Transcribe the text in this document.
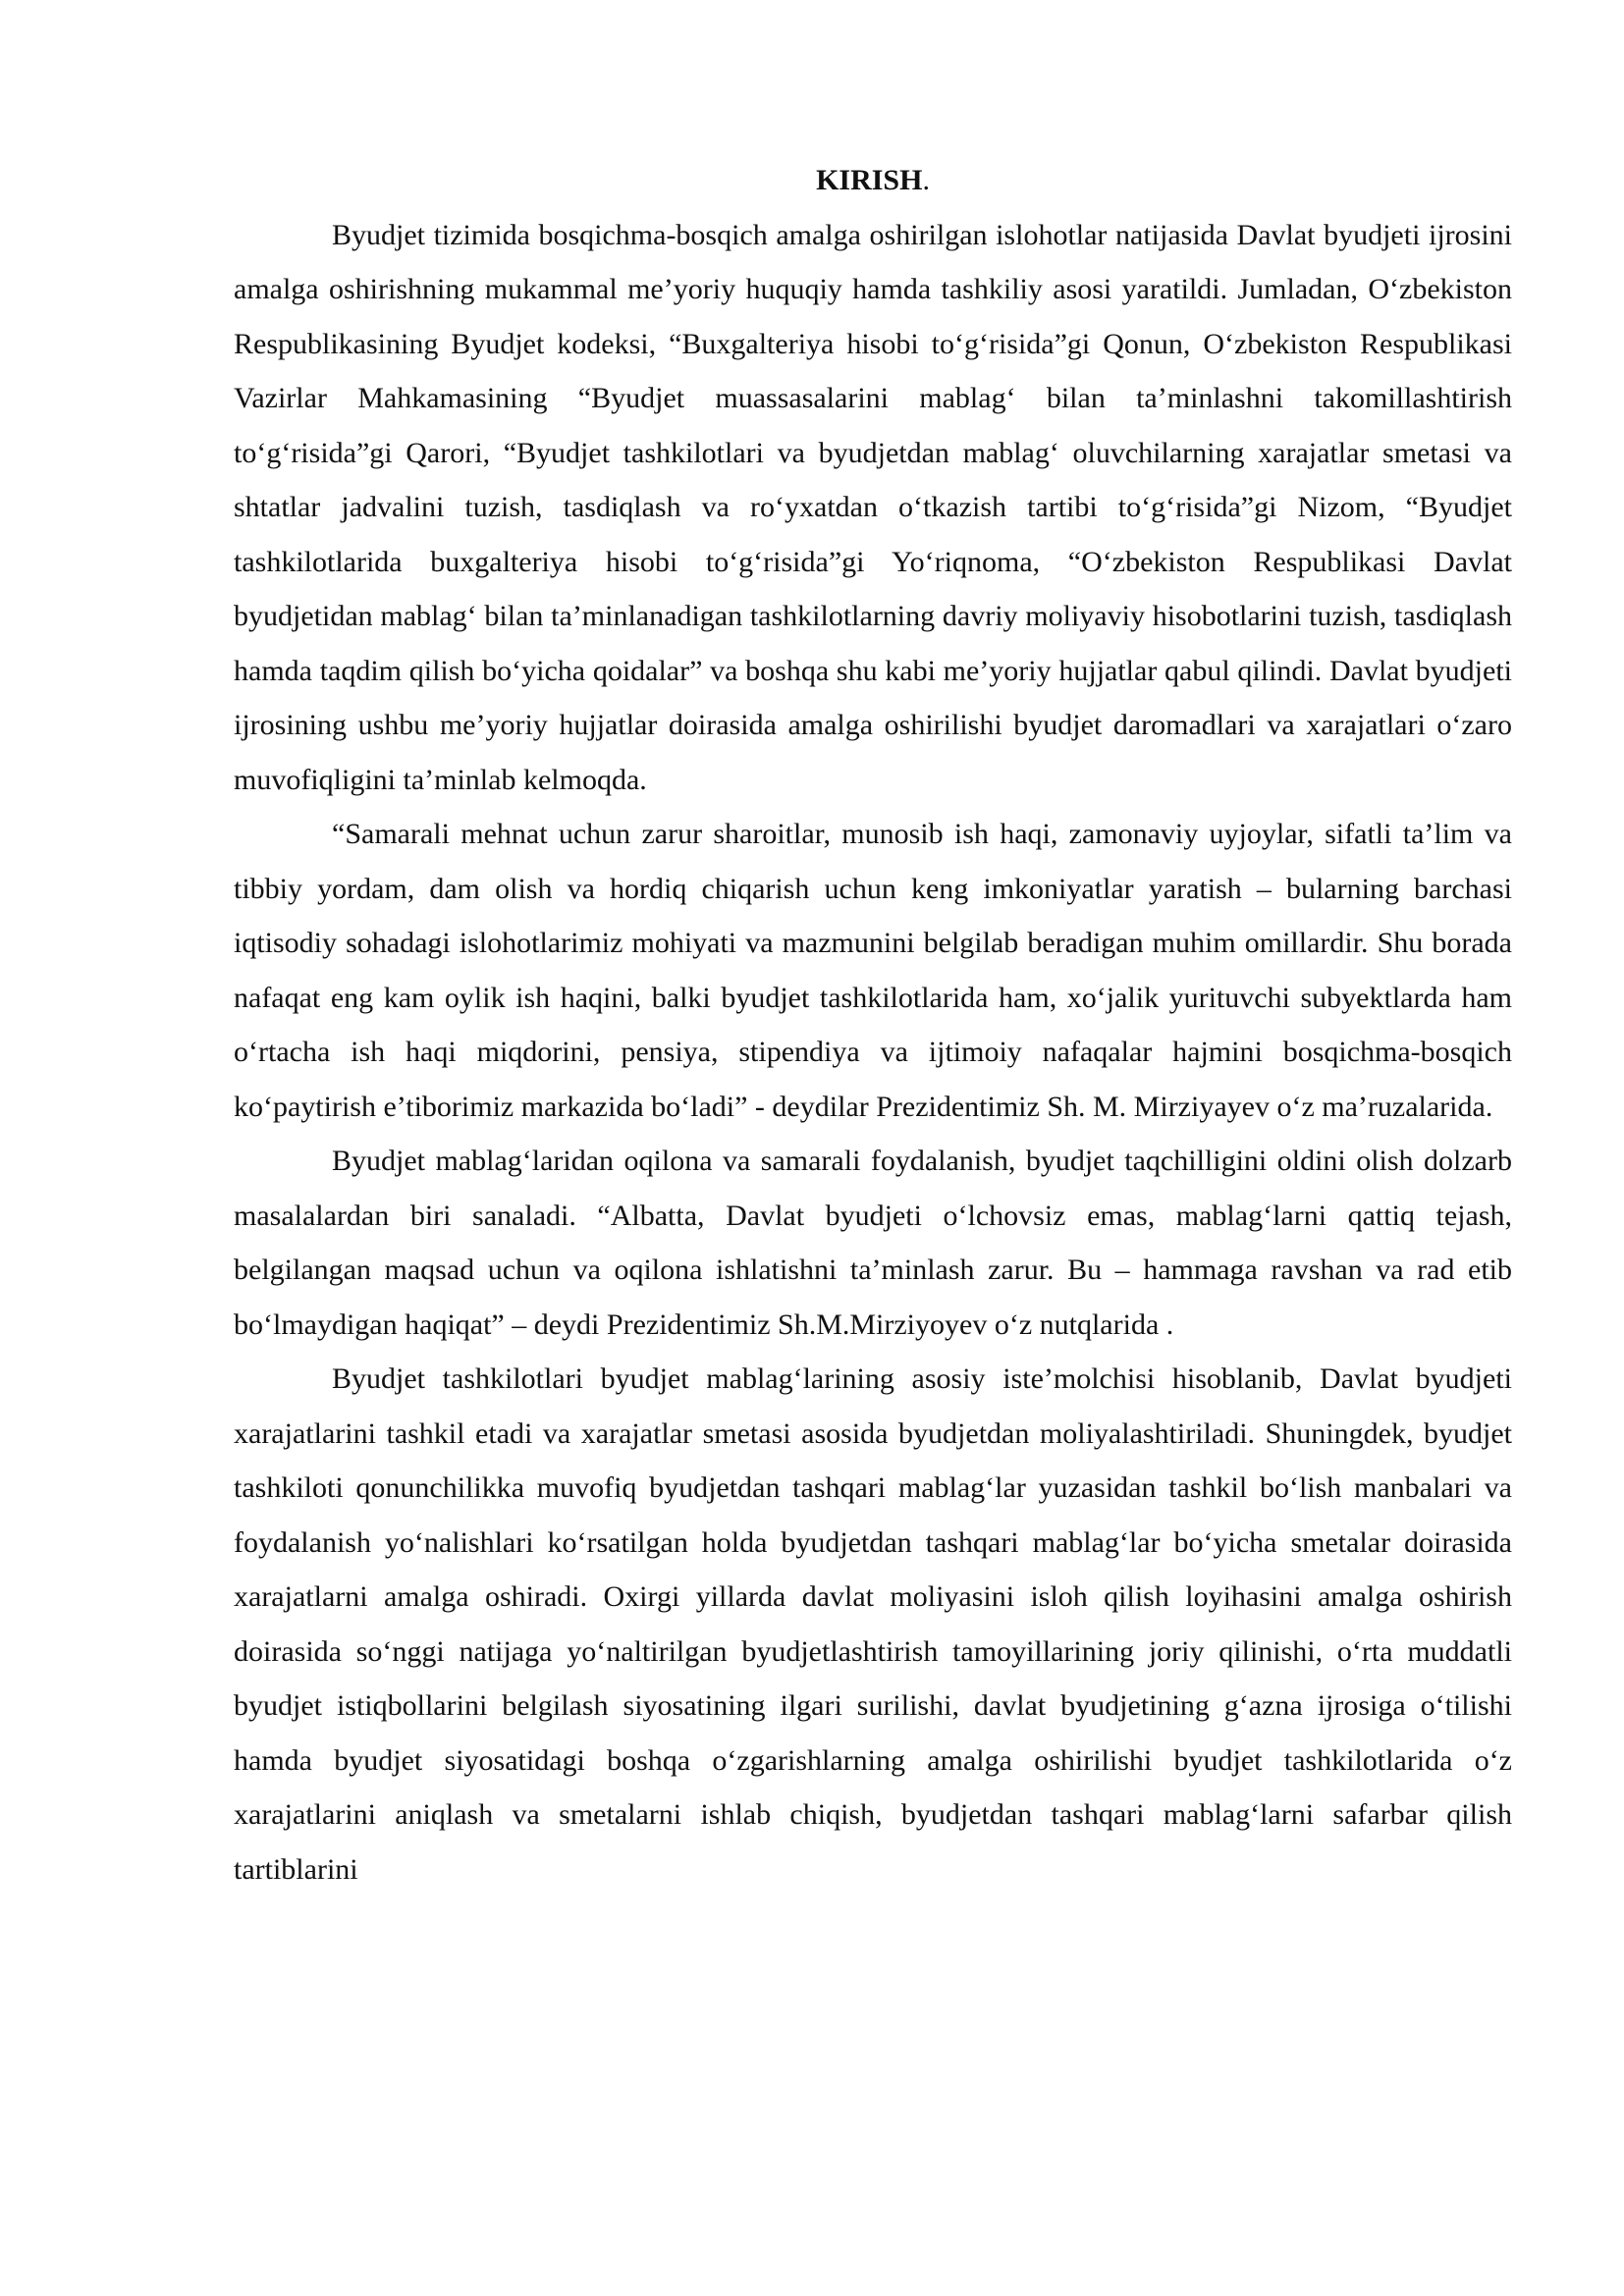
KIRISH.

Byudjet tizimida bosqichma-bosqich amalga oshirilgan islohotlar natijasida Davlat byudjeti ijrosini amalga oshirishning mukammal me’yoriy huquqiy hamda tashkiliy asosi yaratildi. Jumladan, O‘zbekiston Respublikasining Byudjet kodeksi, “Buxgalteriya hisobi to‘g‘risida”gi Qonun, O‘zbekiston Respublikasi Vazirlar Mahkamasining “Byudjet muassasalarini mablag‘ bilan ta’minlashni takomillashtirish to‘g‘risida”gi Qarori, “Byudjet tashkilotlari va byudjetdan mablag‘ oluvchilarning xarajatlar smetasi va shtatlar jadvalini tuzish, tasdiqlash va ro‘yxatdan o‘tkazish tartibi to‘g‘risida”gi Nizom, “Byudjet tashkilotlarida buxgalteriya hisobi to‘g‘risida”gi Yo‘riqnoma, “O‘zbekiston Respublikasi Davlat byudjetidan mablag‘ bilan ta’minlanadigan tashkilotlarning davriy moliyaviy hisobotlarini tuzish, tasdiqlash hamda taqdim qilish bo‘yicha qoidalar” va boshqa shu kabi me’yoriy hujjatlar qabul qilindi. Davlat byudjeti ijrosining ushbu me’yoriy hujjatlar doirasida amalga oshirilishi byudjet daromadlari va xarajatlari o‘zaro muvofiqligini ta’minlab kelmoqda.

“Samarali mehnat uchun zarur sharoitlar, munosib ish haqi, zamonaviy uyjoylar, sifatli ta’lim va tibbiy yordam, dam olish va hordiq chiqarish uchun keng imkoniyatlar yaratish – bularning barchasi iqtisodiy sohadagi islohotlarimiz mohiyati va mazmunini belgilab beradigan muhim omillardir. Shu borada nafaqat eng kam oylik ish haqini, balki byudjet tashkilotlarida ham, xo‘jalik yurituvchi subyektlarda ham o‘rtacha ish haqi miqdorini, pensiya, stipendiya va ijtimoiy nafaqalar hajmini bosqichma-bosqich ko‘paytirish e’tiborimiz markazida bo‘ladi” - deydilar Prezidentimiz Sh. M. Mirziyayev o‘z ma’ruzalarida.

Byudjet mablag‘laridan oqilona va samarali foydalanish, byudjet taqchilligini oldini olish dolzarb masalalardan biri sanaladi. “Albatta, Davlat byudjeti o‘lchovsiz emas, mablag‘larni qattiq tejash, belgilangan maqsad uchun va oqilona ishlatishni ta’minlash zarur. Bu – hammaga ravshan va rad etib bo‘lmaydigan haqiqat” – deydi Prezidentimiz Sh.M.Mirziyoyev o‘z nutqlarida .

Byudjet tashkilotlari byudjet mablag‘larining asosiy iste’molchisi hisoblanib, Davlat byudjeti xarajatlarini tashkil etadi va xarajatlar smetasi asosida byudjetdan moliyalashtiriladi. Shuningdek, byudjet tashkiloti qonunchilikka muvofiq byudjetdan tashqari mablag‘lar yuzasidan tashkil bo‘lish manbalari va foydalanish yo‘nalishlari ko‘rsatilgan holda byudjetdan tashqari mablag‘lar bo‘yicha smetalar doirasida xarajatlarni amalga oshiradi. Oxirgi yillarda davlat moliyasini isloh qilish loyihasini amalga oshirish doirasida so‘nggi natijaga yo‘naltirilgan byudjetlashtirish tamoyillarining joriy qilinishi, o‘rta muddatli byudjet istiqbollarini belgilash siyosatining ilgari surilishi, davlat byudjetining g‘azna ijrosiga o‘tilishi hamda byudjet siyosatidagi boshqa o‘zgarishlarning amalga oshirilishi byudjet tashkilotlarida o‘z xarajatlarini aniqlash va smetalarni ishlab chiqish, byudjetdan tashqari mablag‘larni safarbar qilish tartiblarini
